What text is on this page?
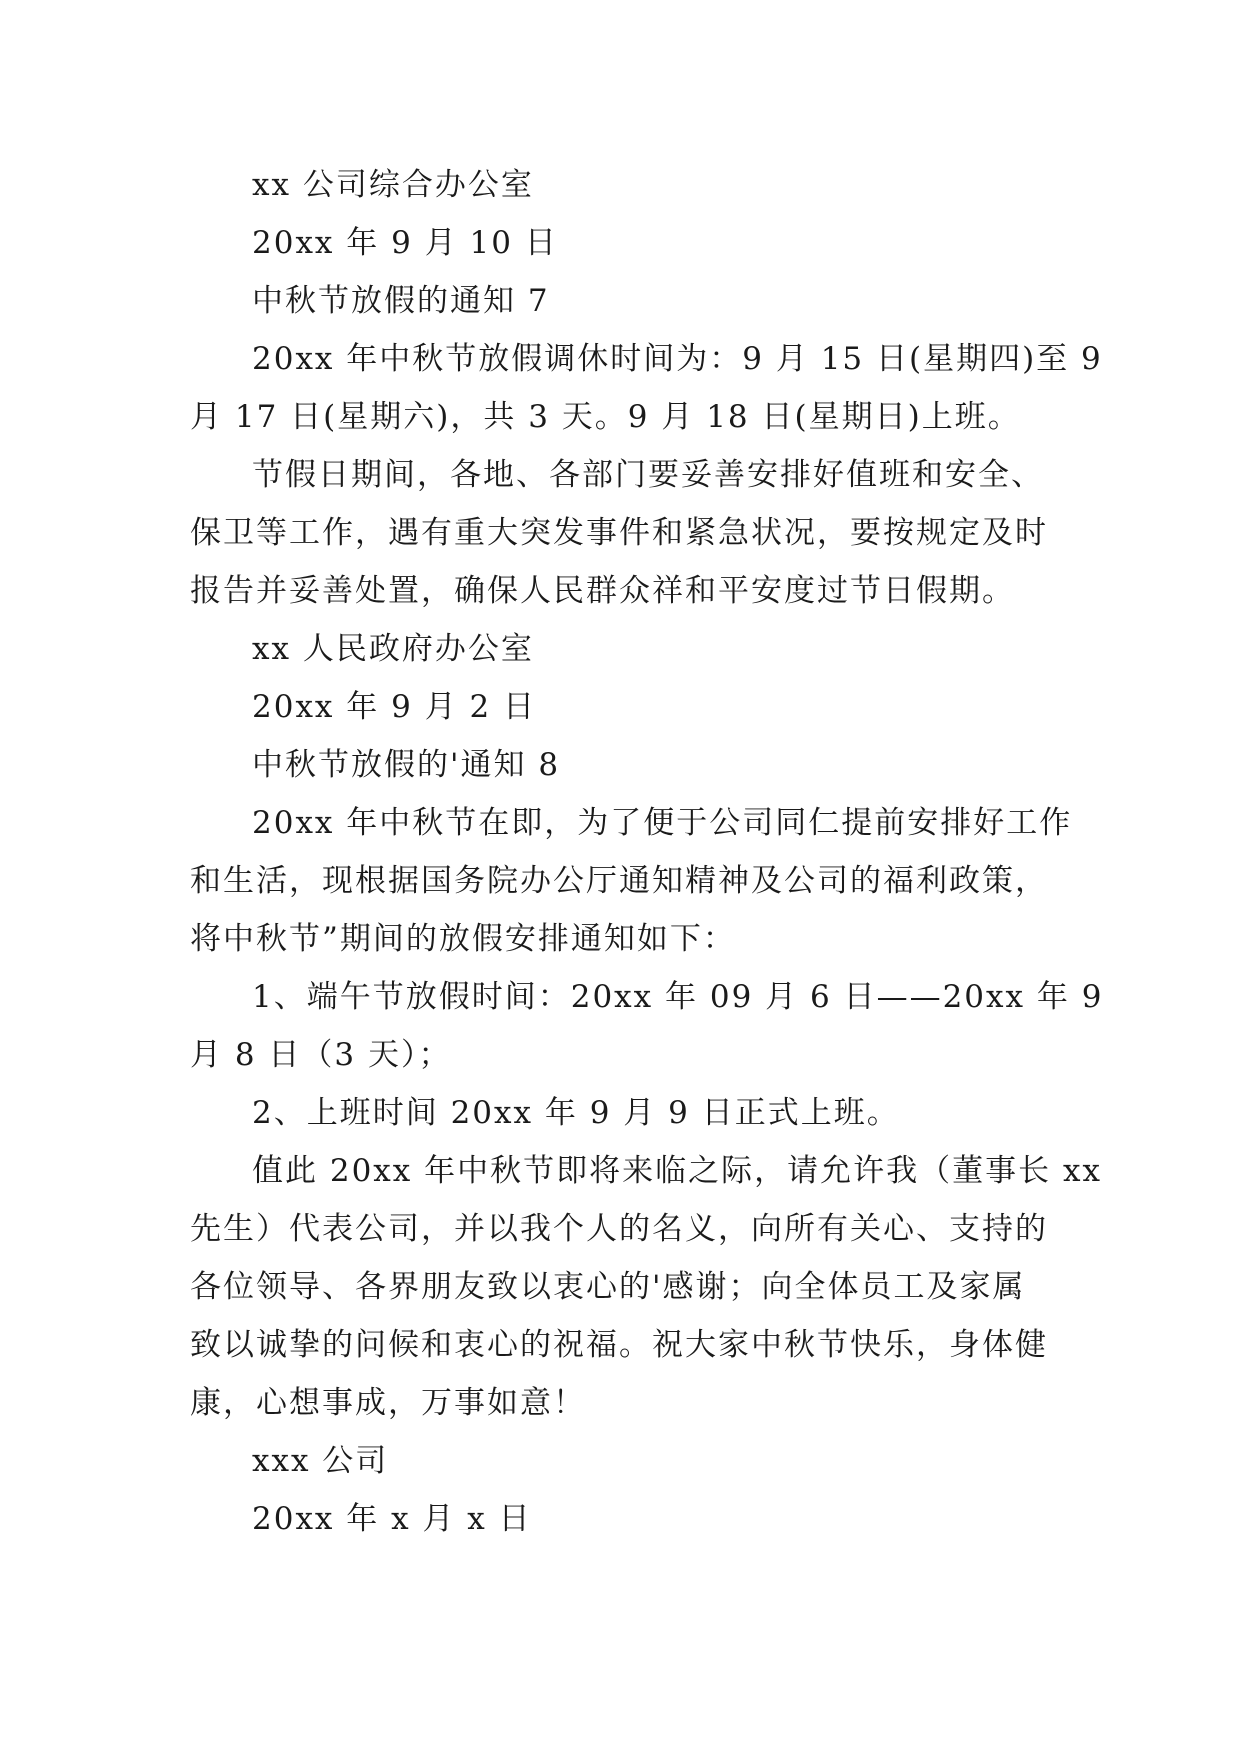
xx 公司综合办公室
20xx 年 9 月 10 日
中秋节放假的通知 7
20xx 年中秋节放假调休时间为：9 月 15 日(星期四)至 9
月 17 日(星期六)，共 3 天。9 月 18 日(星期日)上班。
节假日期间，各地、各部门要妥善安排好值班和安全、
保卫等工作，遇有重大突发事件和紧急状况，要按规定及时
报告并妥善处置，确保人民群众祥和平安度过节日假期。
xx 人民政府办公室
20xx 年 9 月 2 日
中秋节放假的'通知 8
20xx 年中秋节在即，为了便于公司同仁提前安排好工作
和生活，现根据国务院办公厅通知精神及公司的福利政策，
将中秋节”期间的放假安排通知如下：
1、端午节放假时间：20xx 年 09 月 6 日——20xx 年 9
月 8 日（3 天）；
2、上班时间 20xx 年 9 月 9 日正式上班。
值此 20xx 年中秋节即将来临之际，请允许我（董事长 xx
先生）代表公司，并以我个人的名义，向所有关心、支持的
各位领导、各界朋友致以衷心的'感谢；向全体员工及家属
致以诚挚的问候和衷心的祝福。祝大家中秋节快乐，身体健
康，心想事成，万事如意！
xxx 公司
20xx 年 x 月 x 日
